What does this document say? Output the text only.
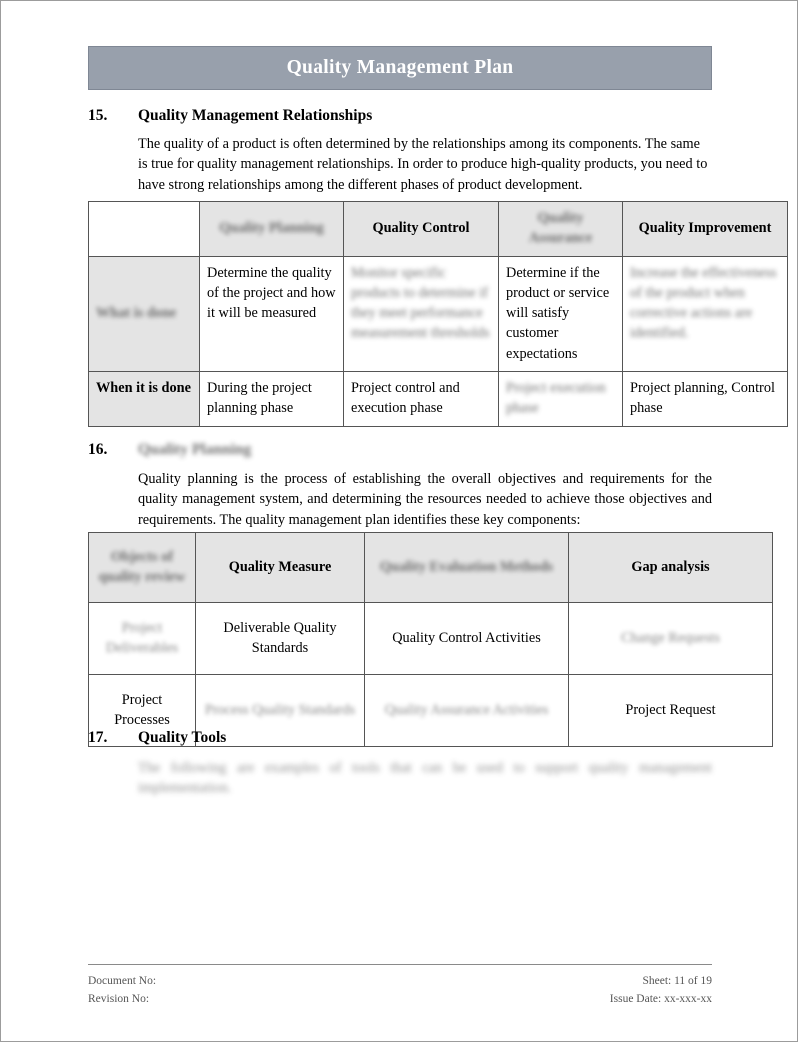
Quality Management Plan
15.	Quality Management Relationships
The quality of a product is often determined by the relationships among its components. The same is true for quality management relationships. In order to produce high-quality products, you need to have strong relationships among the different phases of product development.
	Quality Planning	Quality Control	Quality Assurance	Quality Improvement
What is done	Determine the quality of the project and how it will be measured	Monitor specific products to determine if they meet performance measurement thresholds	Determine if the product or service will satisfy customer expectations	Increase the effectiveness of the product when corrective actions are identified.
When it is done	During the project planning phase	Project control and execution phase	Project execution phase	Project planning, Control phase
16.	Quality Planning
Quality planning is the process of establishing the overall objectives and requirements for the quality management system, and determining the resources needed to achieve those objectives and requirements. The quality management plan identifies these key components:
Objects of quality review	Quality Measure	Quality Evaluation Methods	Gap analysis
Project Deliverables	Deliverable Quality Standards	Quality Control Activities	Change Requests
Project Processes	Process Quality Standards	Quality Assurance Activities	Project Request
17.	Quality Tools
The following are examples of tools that can be used to support quality management implementation.
Document No:	Sheet: 11 of 19
Revision No:	Issue Date: xx-xxx-xx
